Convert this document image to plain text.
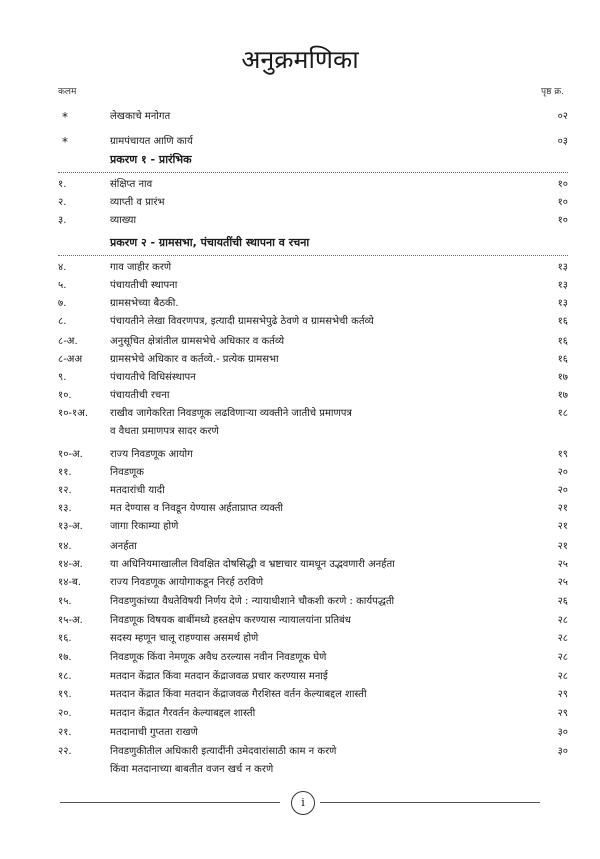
अनुक्रमणिका
कलम	पृष्ठ क्र.
*	लेखकाचे मनोगत	०२
*	ग्रामपंचायत आणि कार्य	०३
प्रकरण १ - प्रारंभिक
१.	संक्षिप्त नाव	१०
२.	व्याप्ती व प्रारंभ	१०
३.	व्याख्या	१०
प्रकरण २ - ग्रामसभा, पंचायतींची स्थापना व रचना
४.	गाव जाहीर करणे	१३
५.	पंचायतीची स्थापना	१३
७.	ग्रामसभेच्या बैठकी.	१३
८.	पंचायतीने लेखा विवरणपत्र, इत्यादी ग्रामसभेपुढे ठेवणे व ग्रामसभेची कर्तव्ये	१६
८-अ.	अनुसूचित क्षेत्रांतील ग्रामसभेचे अधिकार व कर्तव्ये	१६
८-अअ	ग्रामसभेचे अधिकार व कर्तव्ये.- प्रत्येक ग्रामसभा	१६
९.	पंचायतीचे विधिसंस्थापन	१७
१०.	पंचायतीची रचना	१७
१०-१अ.	राखीव जागेकरिता निवडणूक लढविणाऱ्या व्यक्तीने जातीचे प्रमाणपत्र	१८
व वैधता प्रमाणपत्र सादर करणे
१०-अ.	राज्य निवडणूक आयोग	१९
११.	निवडणूक	२०
१२.	मतदारांची यादी	२०
१३.	मत देण्यास व निवडून येण्यास अर्हताप्राप्त व्यक्ती	२१
१३-अ.	जागा रिकाम्या होणे	२१
१४.	अनर्हता	२१
१४-अ.	या अधिनियमाखालील विवक्षित दोषसिद्धी व भ्रष्टाचार यामधून उद्भवणारी अनर्हता	२५
१४-ब.	राज्य निवडणूक आयोगाकडून निरर्ह ठरविणे	२५
१५.	निवडणुकांच्या वैधतेविषयी निर्णय देणे : न्यायाधीशाने चौकशी करणे : कार्यपद्धती	२६
१५-अ.	निवडणूक विषयक बाबींमध्ये हस्तक्षेप करण्यास न्यायालयांना प्रतिबंध	२८
१६.	सदस्य म्हणून चालू राहण्यास असमर्थ होणे	२८
१७.	निवडणूक किंवा नेमणूक अवैध ठरल्यास नवीन निवडणूक घेणे	२८
१८.	मतदान केंद्रात किंवा मतदान केंद्राजवळ प्रचार करण्यास मनाई	२८
१९.	मतदान केंद्रात किंवा मतदान केंद्राजवळ गैरशिस्त वर्तन केल्याबद्दल शास्ती	२९
२०.	मतदान केंद्रात गैरवर्तन केल्याबद्दल शास्ती	२९
२१.	मतदानाची गुप्तता राखणे	३०
२२.	निवडणुकीतील अधिकारी इत्यादींनी उमेदवारांसाठी काम न करणे	३०
किंवा मतदानाच्या बाबतीत वजन खर्च न करणे
i
